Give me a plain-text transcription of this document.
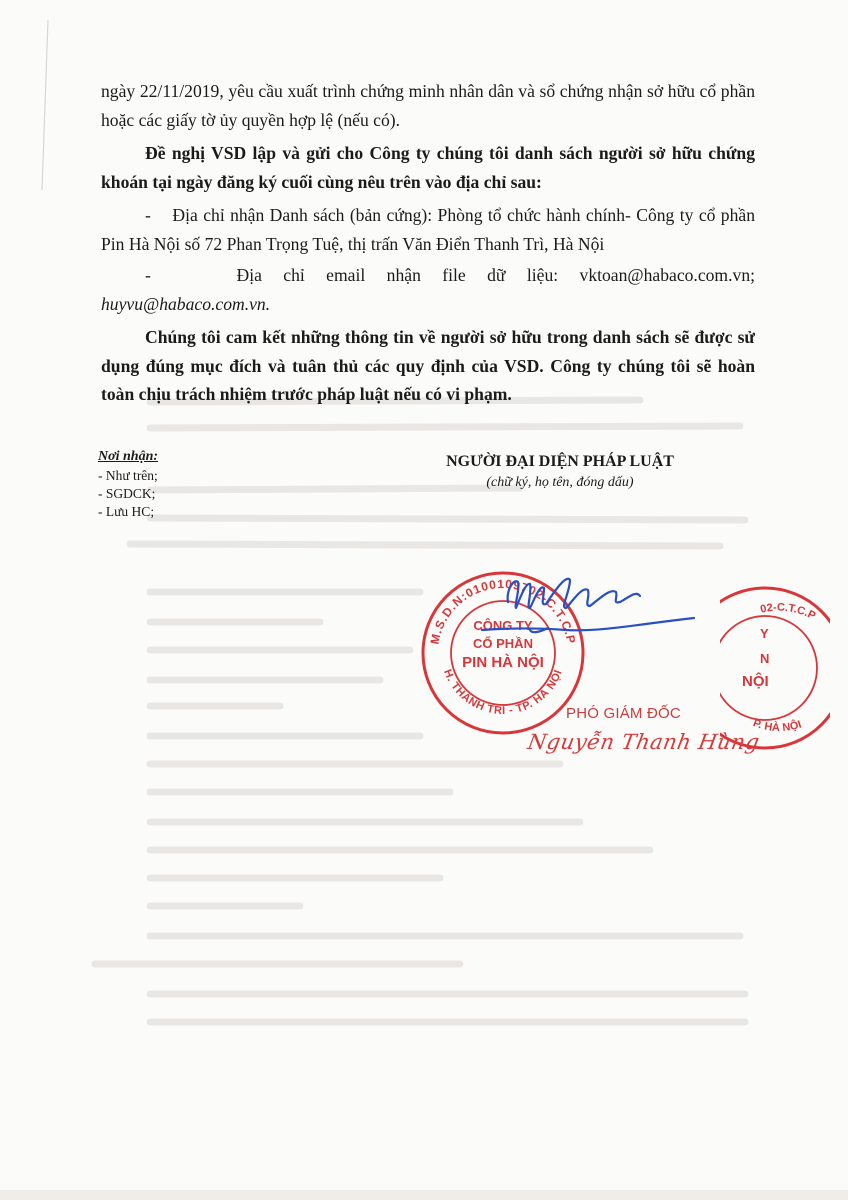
ngày 22/11/2019, yêu cầu xuất trình chứng minh nhân dân và sổ chứng nhận sở hữu cổ phần hoặc các giấy tờ ủy quyền hợp lệ (nếu có).

Đề nghị VSD lập và gửi cho Công ty chúng tôi danh sách người sở hữu chứng khoán tại ngày đăng ký cuối cùng nêu trên vào địa chỉ sau:

- Địa chỉ nhận Danh sách (bản cứng): Phòng tổ chức hành chính- Công ty cổ phần Pin Hà Nội số 72 Phan Trọng Tuệ, thị trấn Văn Điển Thanh Trì, Hà Nội

-	Địa chỉ email nhận file dữ liệu: vktoan@habaco.com.vn;

huyvu@habaco.com.vn.

Chúng tôi cam kết những thông tin về người sở hữu trong danh sách sẽ được sử dụng đúng mục đích và tuân thủ các quy định của VSD. Công ty chúng tôi sẽ hoàn toàn chịu trách nhiệm trước pháp luật nếu có vi phạm.

Nơi nhận:
- Như trên;
- SGDCK;
- Lưu HC;
NGƯỜI ĐẠI DIỆN PHÁP LUẬT
(chữ ký, họ tên, đóng dấu)
M.S.D.N:0100109702-C.T.C.P
H. THANH TRÌ - TP. HÀ NỘI
CÔNG TY
CỔ PHẦN
PIN HÀ NỘI
02-C.T.C.P
P. HÀ NỘI
Y
N
NỘI
PHÓ GIÁM ĐỐC
Nguyễn Thanh Hùng
